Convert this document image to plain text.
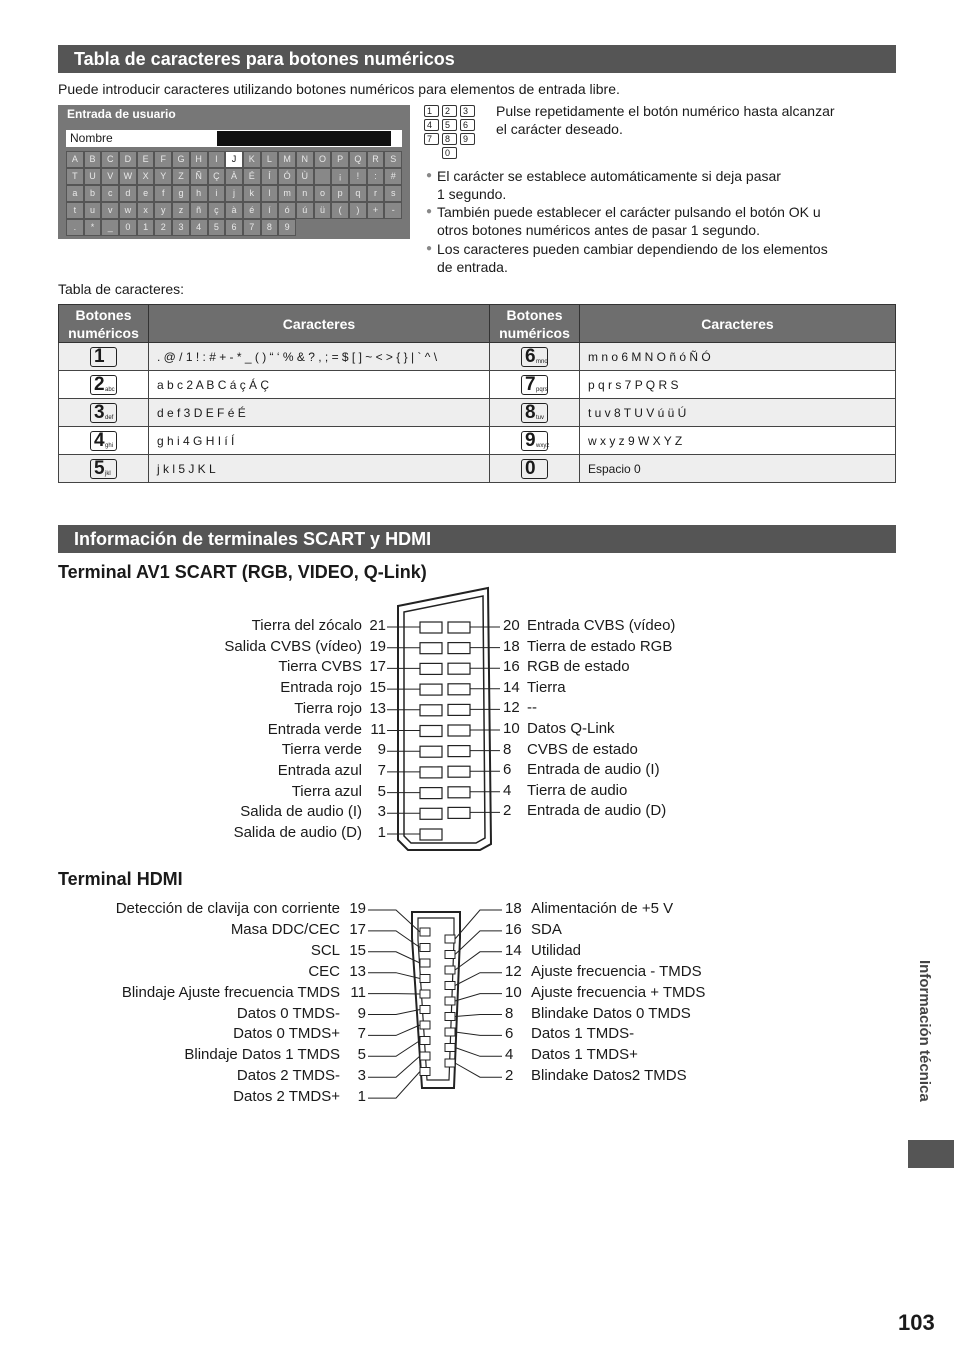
Tabla de caracteres para botones numéricos
Puede introducir caracteres utilizando botones numéricos para elementos de entrada libre.
Entrada de usuario
Nombre
A	B	C	D	E	F	G	H	I	J	K	L	M	N	O	P	Q	R	S
T	U	V	W	X	Y	Z	Ñ	Ç	À	É	Í	Ó	Ù	¡	!	:	#
a	b	c	d	e	f	g	h	i	j	k	l	m	n	o	p	q	r	s
t	u	v	w	x	y	z	ñ	ç	à	é	í	ó	ú	ü	(	)	+	-
.	*	_	0	1	2	3	4	5	6	7	8	9
1	2	3
4	5	6
7	8	9
0
Pulse repetidamente el botón numérico hasta alcanzar
el carácter deseado.
● El carácter se establece automáticamente si deja pasar
1 segundo.
● También puede establecer el carácter pulsando el botón OK u
otros botones numéricos antes de pasar 1 segundo.
● Los caracteres pueden cambiar dependiendo de los elementos
de entrada.
Tabla de caracteres:
Botones numéricos	Caracteres	Botones numéricos	Caracteres

1	. @ / 1 ! : # + - * _ ( ) “ ‘ % & ? , ; = $ [ ] ~ < > { } | ` ^ \	6 mno	m n o 6 M N O ñ ó Ñ Ó

2 abc	a b c 2 A B C á ç Á Ç	7 pqrs	p q r s 7 P Q R S

3 def	d e f 3 D E F é É	8 tuv	t u v 8 T U V ú ü Ú

4 ghi	g h i 4 G H I í Í	9 wxyz	w x y z 9 W X Y Z

5 jkl	j k l 5 J K L	0	Espacio 0
Información de terminales SCART y HDMI
Terminal AV1 SCART (RGB, VIDEO, Q-Link)
Tierra del zócalo 21
Salida CVBS (vídeo) 19
Tierra CVBS 17
Entrada rojo 15
Tierra rojo 13
Entrada verde 11
Tierra verde	9
Entrada azul	7
Tierra azul	5
Salida de audio (I)	3
Salida de audio (D)	1
20 Entrada CVBS (vídeo)
18 Tierra de estado RGB
16 RGB de estado
14 Tierra
12 --
10 Datos Q-Link
8 CVBS de estado
6 Entrada de audio (I)
4 Tierra de audio
2 Entrada de audio (D)
Terminal HDMI
Detección de clavija con corriente 19
Masa DDC/CEC 17
SCL 15
CEC 13
Blindaje Ajuste frecuencia TMDS 11
Datos 0 TMDS-	9
Datos 0 TMDS+	7
Blindaje Datos 1 TMDS	5
Datos 2 TMDS-	3
Datos 2 TMDS+	1
18 Alimentación de +5 V
16 SDA
14 Utilidad
12 Ajuste frecuencia - TMDS
10 Ajuste frecuencia + TMDS
8 Blindake Datos 0 TMDS
6 Datos 1 TMDS-
4 Datos 1 TMDS+
2 Blindake Datos2 TMDS	Información técnica
103
